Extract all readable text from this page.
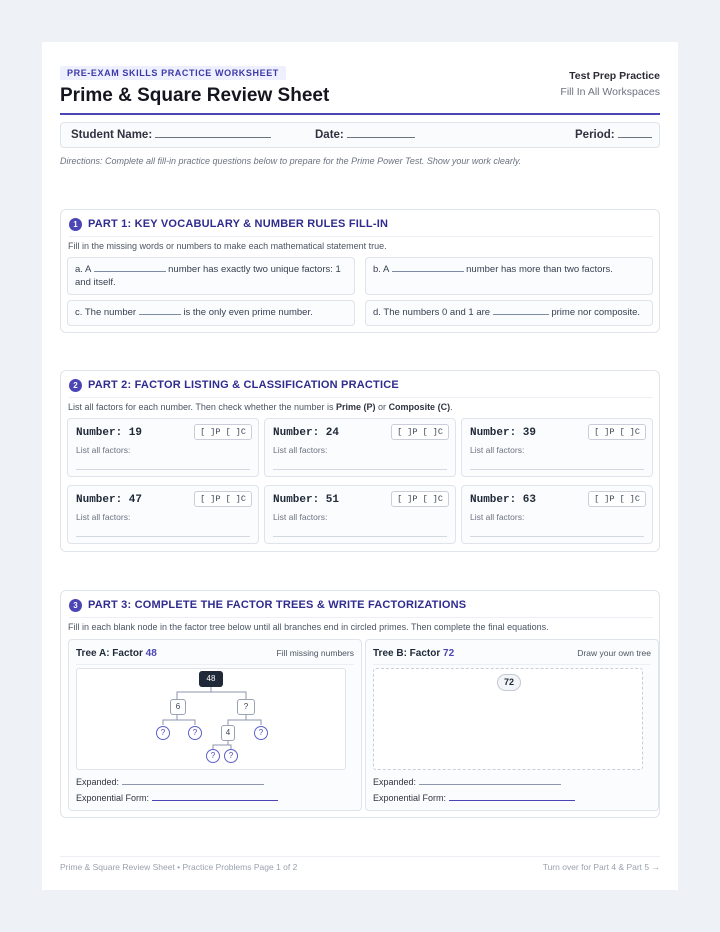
PRE-EXAM SKILLS PRACTICE WORKSHEET
Prime & Square Review Sheet
Test Prep Practice
Fill In All Workspaces
Student Name:	Date:	Period:
Directions: Complete all fill-in practice questions below to prepare for the Prime Power Test. Show your work clearly.
1 PART 1: KEY VOCABULARY & NUMBER RULES FILL-IN
Fill in the missing words or numbers to make each mathematical statement true.
a. A	number has exactly two unique factors: 1 and itself.
b. A	number has more than two factors.
c. The number	is the only even prime number.	d. The numbers 0 and 1 are	prime nor composite.
2 PART 2: FACTOR LISTING & CLASSIFICATION PRACTICE
List all factors for each number. Then check whether the number is Prime (P) or Composite (C).
Number: 19	[ ]P [ ]C
List all factors:
Number: 24	[ ]P [ ]C
List all factors:
Number: 39	[ ]P [ ]C
List all factors:
Number: 47	[ ]P [ ]C
List all factors:
Number: 51	[ ]P [ ]C
List all factors:
Number: 63	[ ]P [ ]C
List all factors:
3 PART 3: COMPLETE THE FACTOR TREES & WRITE FACTORIZATIONS
Fill in each blank node in the factor tree below until all branches end in circled primes. Then complete the final equations.
Tree A: Factor 48	Fill missing numbers
48
6	?
?	?	4	?
?	?
Expanded:
Exponential Form:
Tree B: Factor 72	Draw your own tree
72
Expanded:
Exponential Form:
Prime & Square Review Sheet • Practice Problems Page 1 of 2	Turn over for Part 4 & Part 5 →
